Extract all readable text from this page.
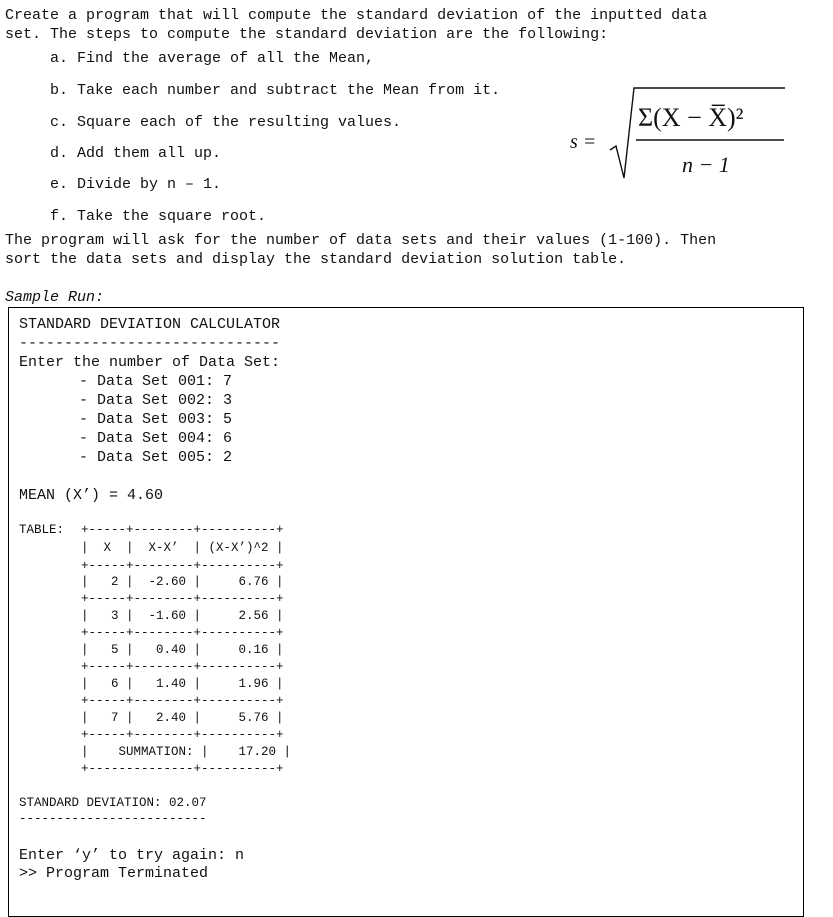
Create a program that will compute the standard deviation of the inputted data

set. The steps to compute the standard deviation are the following:

a. Find the average of all the Mean,
b. Take each number and subtract the Mean from it.
c. Square each of the resulting values.
d. Add them all up.
e. Divide by n – 1.
f. Take the square root.
s =
Σ(X − X̅)²
n − 1
The program will ask for the number of data sets and their values (1-100). Then
sort the data sets and display the standard deviation solution table.
Sample Run:
STANDARD DEVIATION CALCULATOR
-----------------------------
Enter the number of Data Set:
- Data Set 001: 7
- Data Set 002: 3
- Data Set 003: 5
- Data Set 004: 6
- Data Set 005: 2
MEAN (X’) = 4.60
TABLE: +-----+--------+----------+
|  X  |  X-X’  | (X-X’)^2 |
+-----+--------+----------+
|   2 |  -2.60 |     6.76 |
+-----+--------+----------+
|   3 |  -1.60 |     2.56 |
+-----+--------+----------+
|   5 |   0.40 |     0.16 |
+-----+--------+----------+
|   6 |   1.40 |     1.96 |
+-----+--------+----------+
|   7 |   2.40 |     5.76 |
+-----+--------+----------+
|    SUMMATION: |    17.20 |
+--------------+----------+
STANDARD DEVIATION: 02.07
-------------------------
Enter ‘y’ to try again: n
>> Program Terminated
